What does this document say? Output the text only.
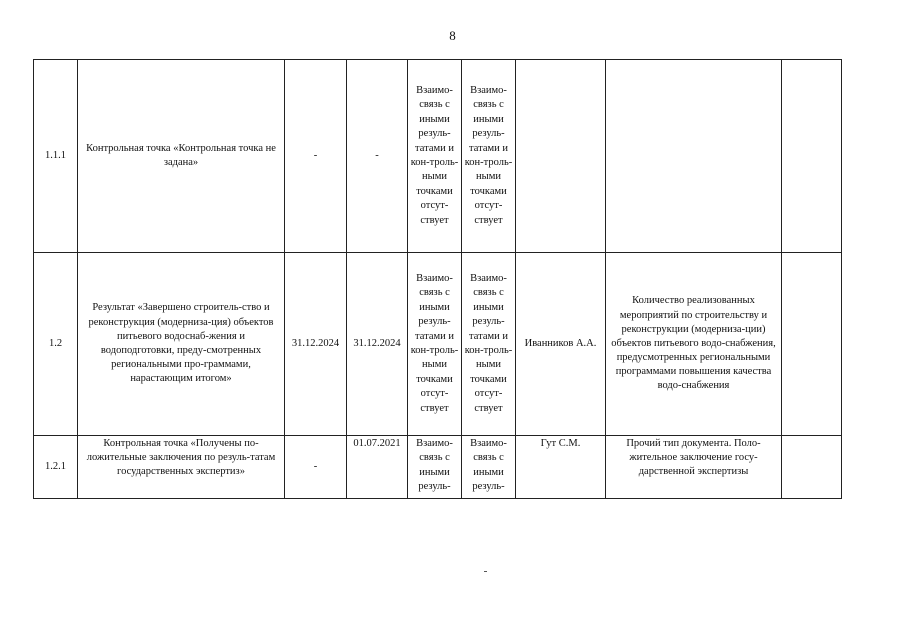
8
1.1.1	Контрольная точка «Контрольная точка не задана»	-	-	Взаимо-связь с иными резуль-татами и кон-троль-ными точками отсут-ствует	Взаимо-связь с иными резуль-татами и кон-троль-ными точками отсут-ствует			
1.2	Результат «Завершено строитель-ство и реконструкция (модерниза-ция) объектов питьевого водоснаб-жения и водоподготовки, преду-смотренных региональными про-граммами, нарастающим итогом»	31.12.2024	31.12.2024	Взаимо-связь с иными резуль-татами и кон-троль-ными точками отсут-ствует	Взаимо-связь с иными резуль-татами и кон-троль-ными точками отсут-ствует	Иванников А.А.	Количество реализованных мероприятий по строительству и реконструкции (модерниза-ции) объектов питьевого водо-снабжения, предусмотренных региональными программами повышения качества водо-снабжения	
1.2.1	Контрольная точка «Получены по-ложительные заключения по резуль-татам государственных экспертиз»	-	01.07.2021	Взаимо-связь с иными резуль-	Взаимо-связь с иными резуль-	Гут С.М.	Прочий тип документа. Поло-жительное заключение госу-дарственной экспертизы	
